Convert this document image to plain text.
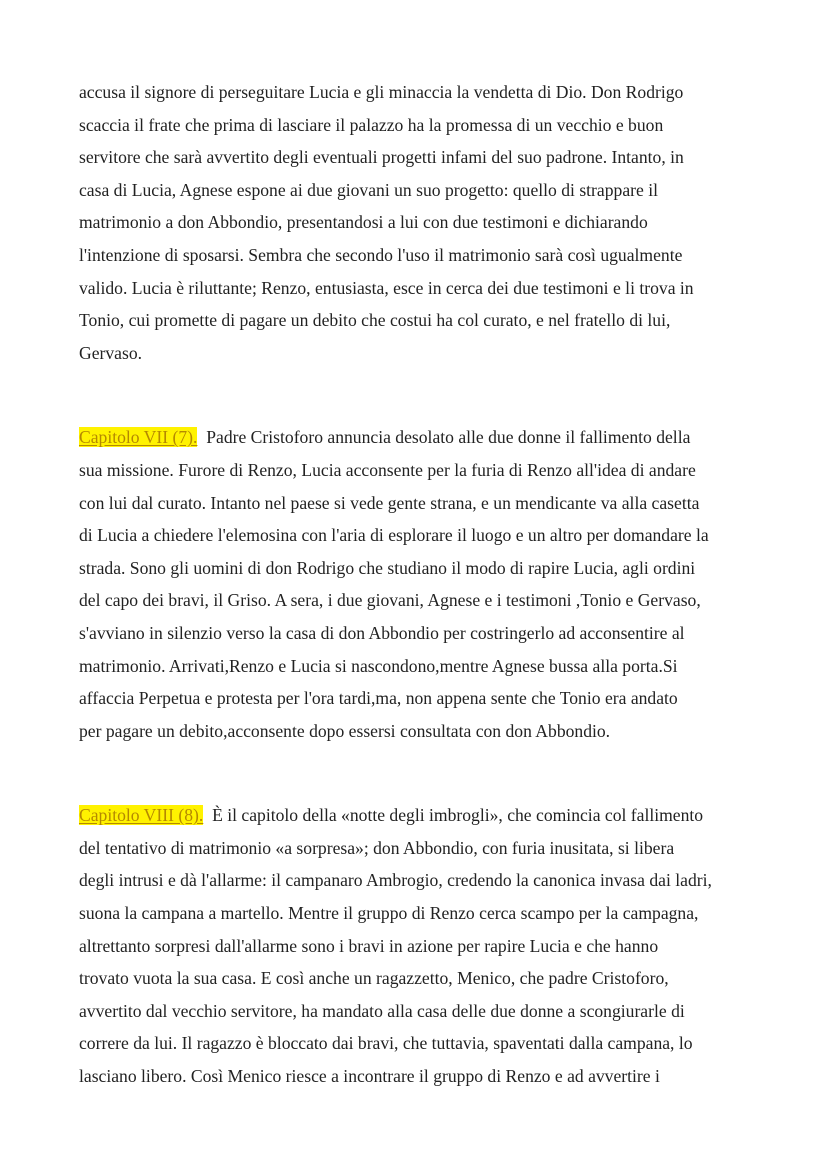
accusa il signore di perseguitare Lucia e gli minaccia la vendetta di Dio. Don Rodrigo
scaccia il frate che prima di lasciare il palazzo ha la promessa di un vecchio e buon
servitore che sarà avvertito degli eventuali progetti infami del suo padrone. Intanto, in
casa di Lucia, Agnese espone ai due giovani un suo progetto: quello di strappare il
matrimonio a don Abbondio, presentandosi a lui con due testimoni e dichiarando
l'intenzione di sposarsi. Sembra che secondo l'uso il matrimonio sarà così ugualmente
valido. Lucia è riluttante; Renzo, entusiasta, esce in cerca dei due testimoni e li trova in
Tonio, cui promette di pagare un debito che costui ha col curato, e nel fratello di lui,
Gervaso.

Capitolo VII (7). Padre Cristoforo annuncia desolato alle due donne il fallimento della
sua missione. Furore di Renzo, Lucia acconsente per la furia di Renzo all'idea di andare
con lui dal curato. Intanto nel paese si vede gente strana, e un mendicante va alla casetta
di Lucia a chiedere l'elemosina con l'aria di esplorare il luogo e un altro per domandare la
strada. Sono gli uomini di don Rodrigo che studiano il modo di rapire Lucia, agli ordini
del capo dei bravi, il Griso. A sera, i due giovani, Agnese e i testimoni ,Tonio e Gervaso,
s'avviano in silenzio verso la casa di don Abbondio per costringerlo ad acconsentire al
matrimonio. Arrivati,Renzo e Lucia si nascondono,mentre Agnese bussa alla porta.Si
affaccia Perpetua e protesta per l'ora tardi,ma, non appena sente che Tonio era andato
per pagare un debito,acconsente dopo essersi consultata con don Abbondio.

Capitolo VIII (8). È il capitolo della «notte degli imbrogli», che comincia col fallimento
del tentativo di matrimonio «a sorpresa»; don Abbondio, con furia inusitata, si libera
degli intrusi e dà l'allarme: il campanaro Ambrogio, credendo la canonica invasa dai ladri,
suona la campana a martello. Mentre il gruppo di Renzo cerca scampo per la campagna,
altrettanto sorpresi dall'allarme sono i bravi in azione per rapire Lucia e che hanno
trovato vuota la sua casa. E così anche un ragazzetto, Menico, che padre Cristoforo,
avvertito dal vecchio servitore, ha mandato alla casa delle due donne a scongiurarle di
correre da lui. Il ragazzo è bloccato dai bravi, che tuttavia, spaventati dalla campana, lo
lasciano libero. Così Menico riesce a incontrare il gruppo di Renzo e ad avvertire i
